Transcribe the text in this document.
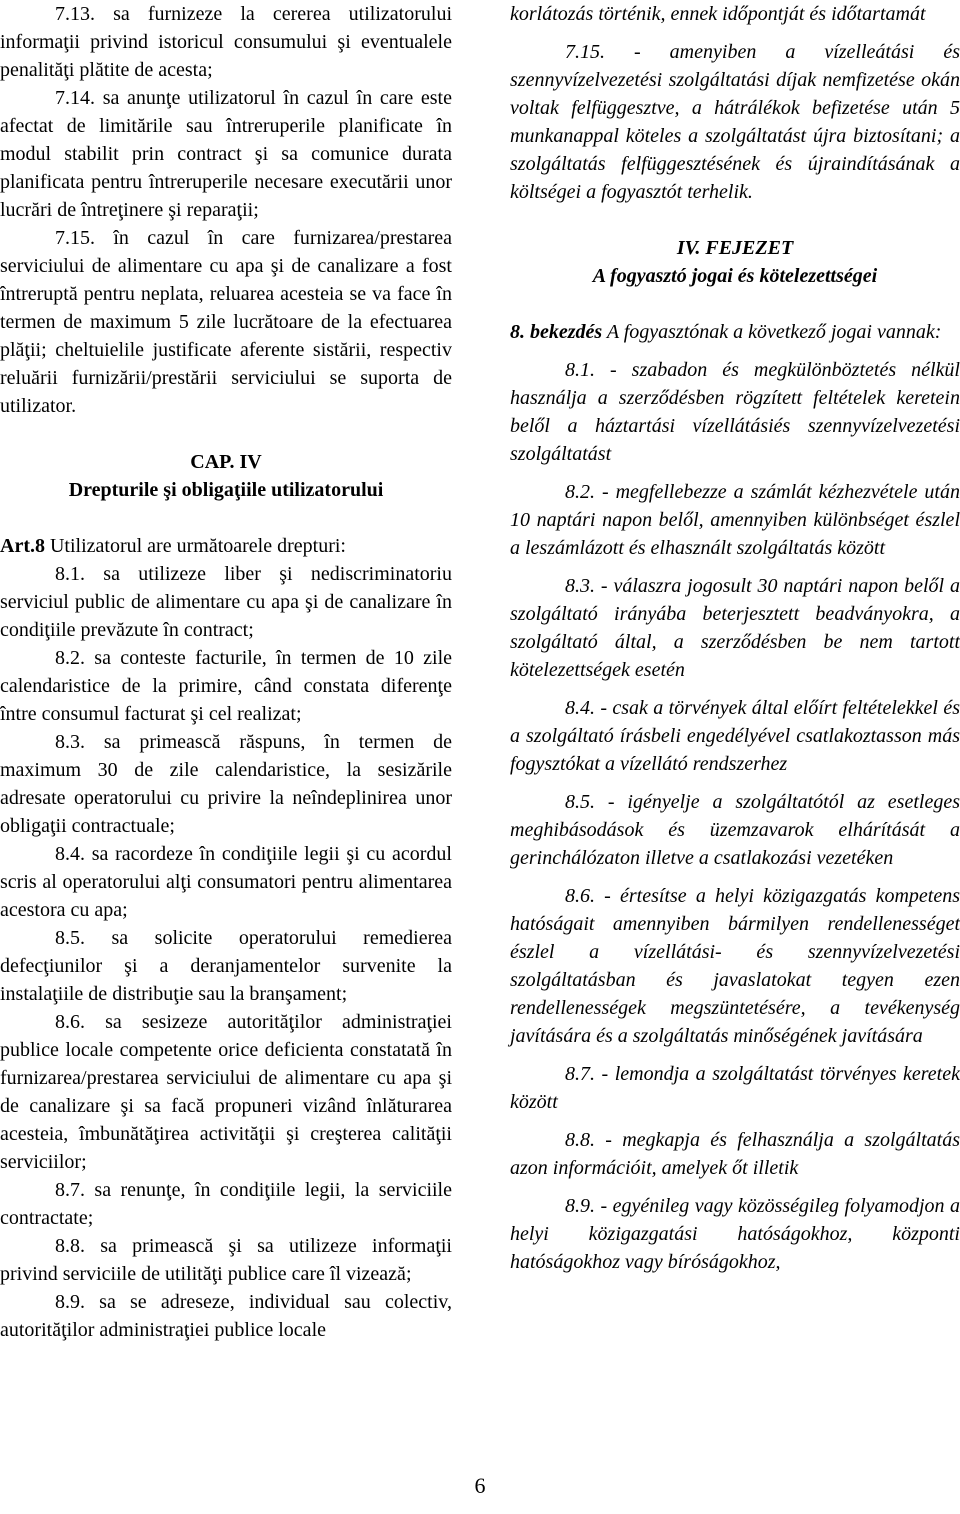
7.13. sa furnizeze la cererea utilizatorului informaţii privind istoricul consumului şi eventualele penalităţi plătite de acesta;

7.14. sa anunţe utilizatorul în cazul în care este afectat de limitările sau întreruperile planificate în modul stabilit prin contract şi sa comunice durata planificata pentru întreruperile necesare executării unor lucrări de întreţinere şi reparaţii;

7.15. în cazul în care furnizarea/prestarea serviciului de alimentare cu apa şi de canalizare a fost întreruptă pentru neplata, reluarea acesteia se va face în termen de maximum 5 zile lucrătoare de la efectuarea plăţii; cheltuielile justificate aferente sistării, respectiv reluării furnizării/prestării serviciului se suporta de utilizator.

CAP. IV

Drepturile şi obligaţiile utilizatorului

Art.8 Utilizatorul are următoarele drepturi:

8.1. sa utilizeze liber şi nediscriminatoriu serviciul public de alimentare cu apa şi de canalizare în condiţiile prevăzute în contract;

8.2. sa conteste facturile, în termen de 10 zile calendaristice de la primire, când constata diferenţe între consumul facturat şi cel realizat;

8.3. sa primească răspuns, în termen de maximum 30 de zile calendaristice, la sesizările adresate operatorului cu privire la neîndeplinirea unor obligaţii contractuale;

8.4. sa racordeze în condiţiile legii şi cu acordul scris al operatorului alţi consumatori pentru alimentarea acestora cu apa;

8.5. sa solicite operatorului remedierea defecţiunilor şi a deranjamentelor survenite la instalaţiile de distribuţie sau la branşament;

8.6. sa sesizeze autorităţilor administraţiei publice locale competente orice deficienta constatată în furnizarea/prestarea serviciului de alimentare cu apa şi de canalizare şi sa facă propuneri vizând înlăturarea acesteia, îmbunătăţirea activităţii şi creşterea calităţii serviciilor;

8.7. sa renunţe, în condiţiile legii, la serviciile contractate;

8.8. sa primească şi sa utilizeze informaţii privind serviciile de utilităţi publice care îl vizează;

8.9. sa se adreseze, individual sau colectiv, autorităţilor administraţiei publice locale

korlátozás történik, ennek időpontját és időtartamát

7.15. - amenyiben a vízelleátási és szennyvízelvezetési szolgáltatási díjak nemfizetése okán voltak felfüggesztve, a hátrálékok befizetése után 5 munkanappal köteles a szolgáltatást újra biztosítani; a szolgáltatás felfüggesztésének és újraindításának a költségei a fogyasztót terhelik.

IV. FEJEZET

A fogyasztó jogai és kötelezettségei

8. bekezdés A fogyasztónak a következő jogai vannak:

8.1. - szabadon és megkülönböztetés nélkül használja a szerződésben rögzített feltételek keretein belől a háztartási vízellátásiés szennyvízelvezetési szolgáltatást

8.2. - megfellebezze a számlát kézhezvétele után 10 naptári napon belől, amennyiben különbséget észlel a leszámlázott és elhasznált szolgáltatás között

8.3. - válaszra jogosult 30 naptári napon belől a szolgáltató irányába beterjesztett beadványokra, a szolgáltató által, a szerződésben be nem tartott kötelezettségek esetén

8.4. - csak a törvények által előírt feltételekkel és a szolgáltató írásbeli engedélyével csatlakoztasson más fogysztókat a vízellátó rendszerhez

8.5. - igényelje a szolgáltatótól az esetleges meghibásodások és üzemzavarok elhárítását a gerinchálózaton illetve a csatlakozási vezetéken

8.6. - értesítse a helyi közigazgatás kompetens hatóságait amennyiben bármilyen rendellenességet észlel a vízellátási- és szennyvízelvezetési szolgáltatásban és javaslatokat tegyen ezen rendellenességek megszüntetésére, a tevékenység javítására és a szolgáltatás minőségének javítására

8.7. - lemondja a szolgáltatást törvényes keretek között

8.8. - megkapja és felhasználja a szolgáltatás azon információit, amelyek őt illetik

8.9. - egyénileg vagy közösségileg folyamodjon a helyi közigazgatási hatóságokhoz, központi hatóságokhoz vagy bíróságokhoz,

6
